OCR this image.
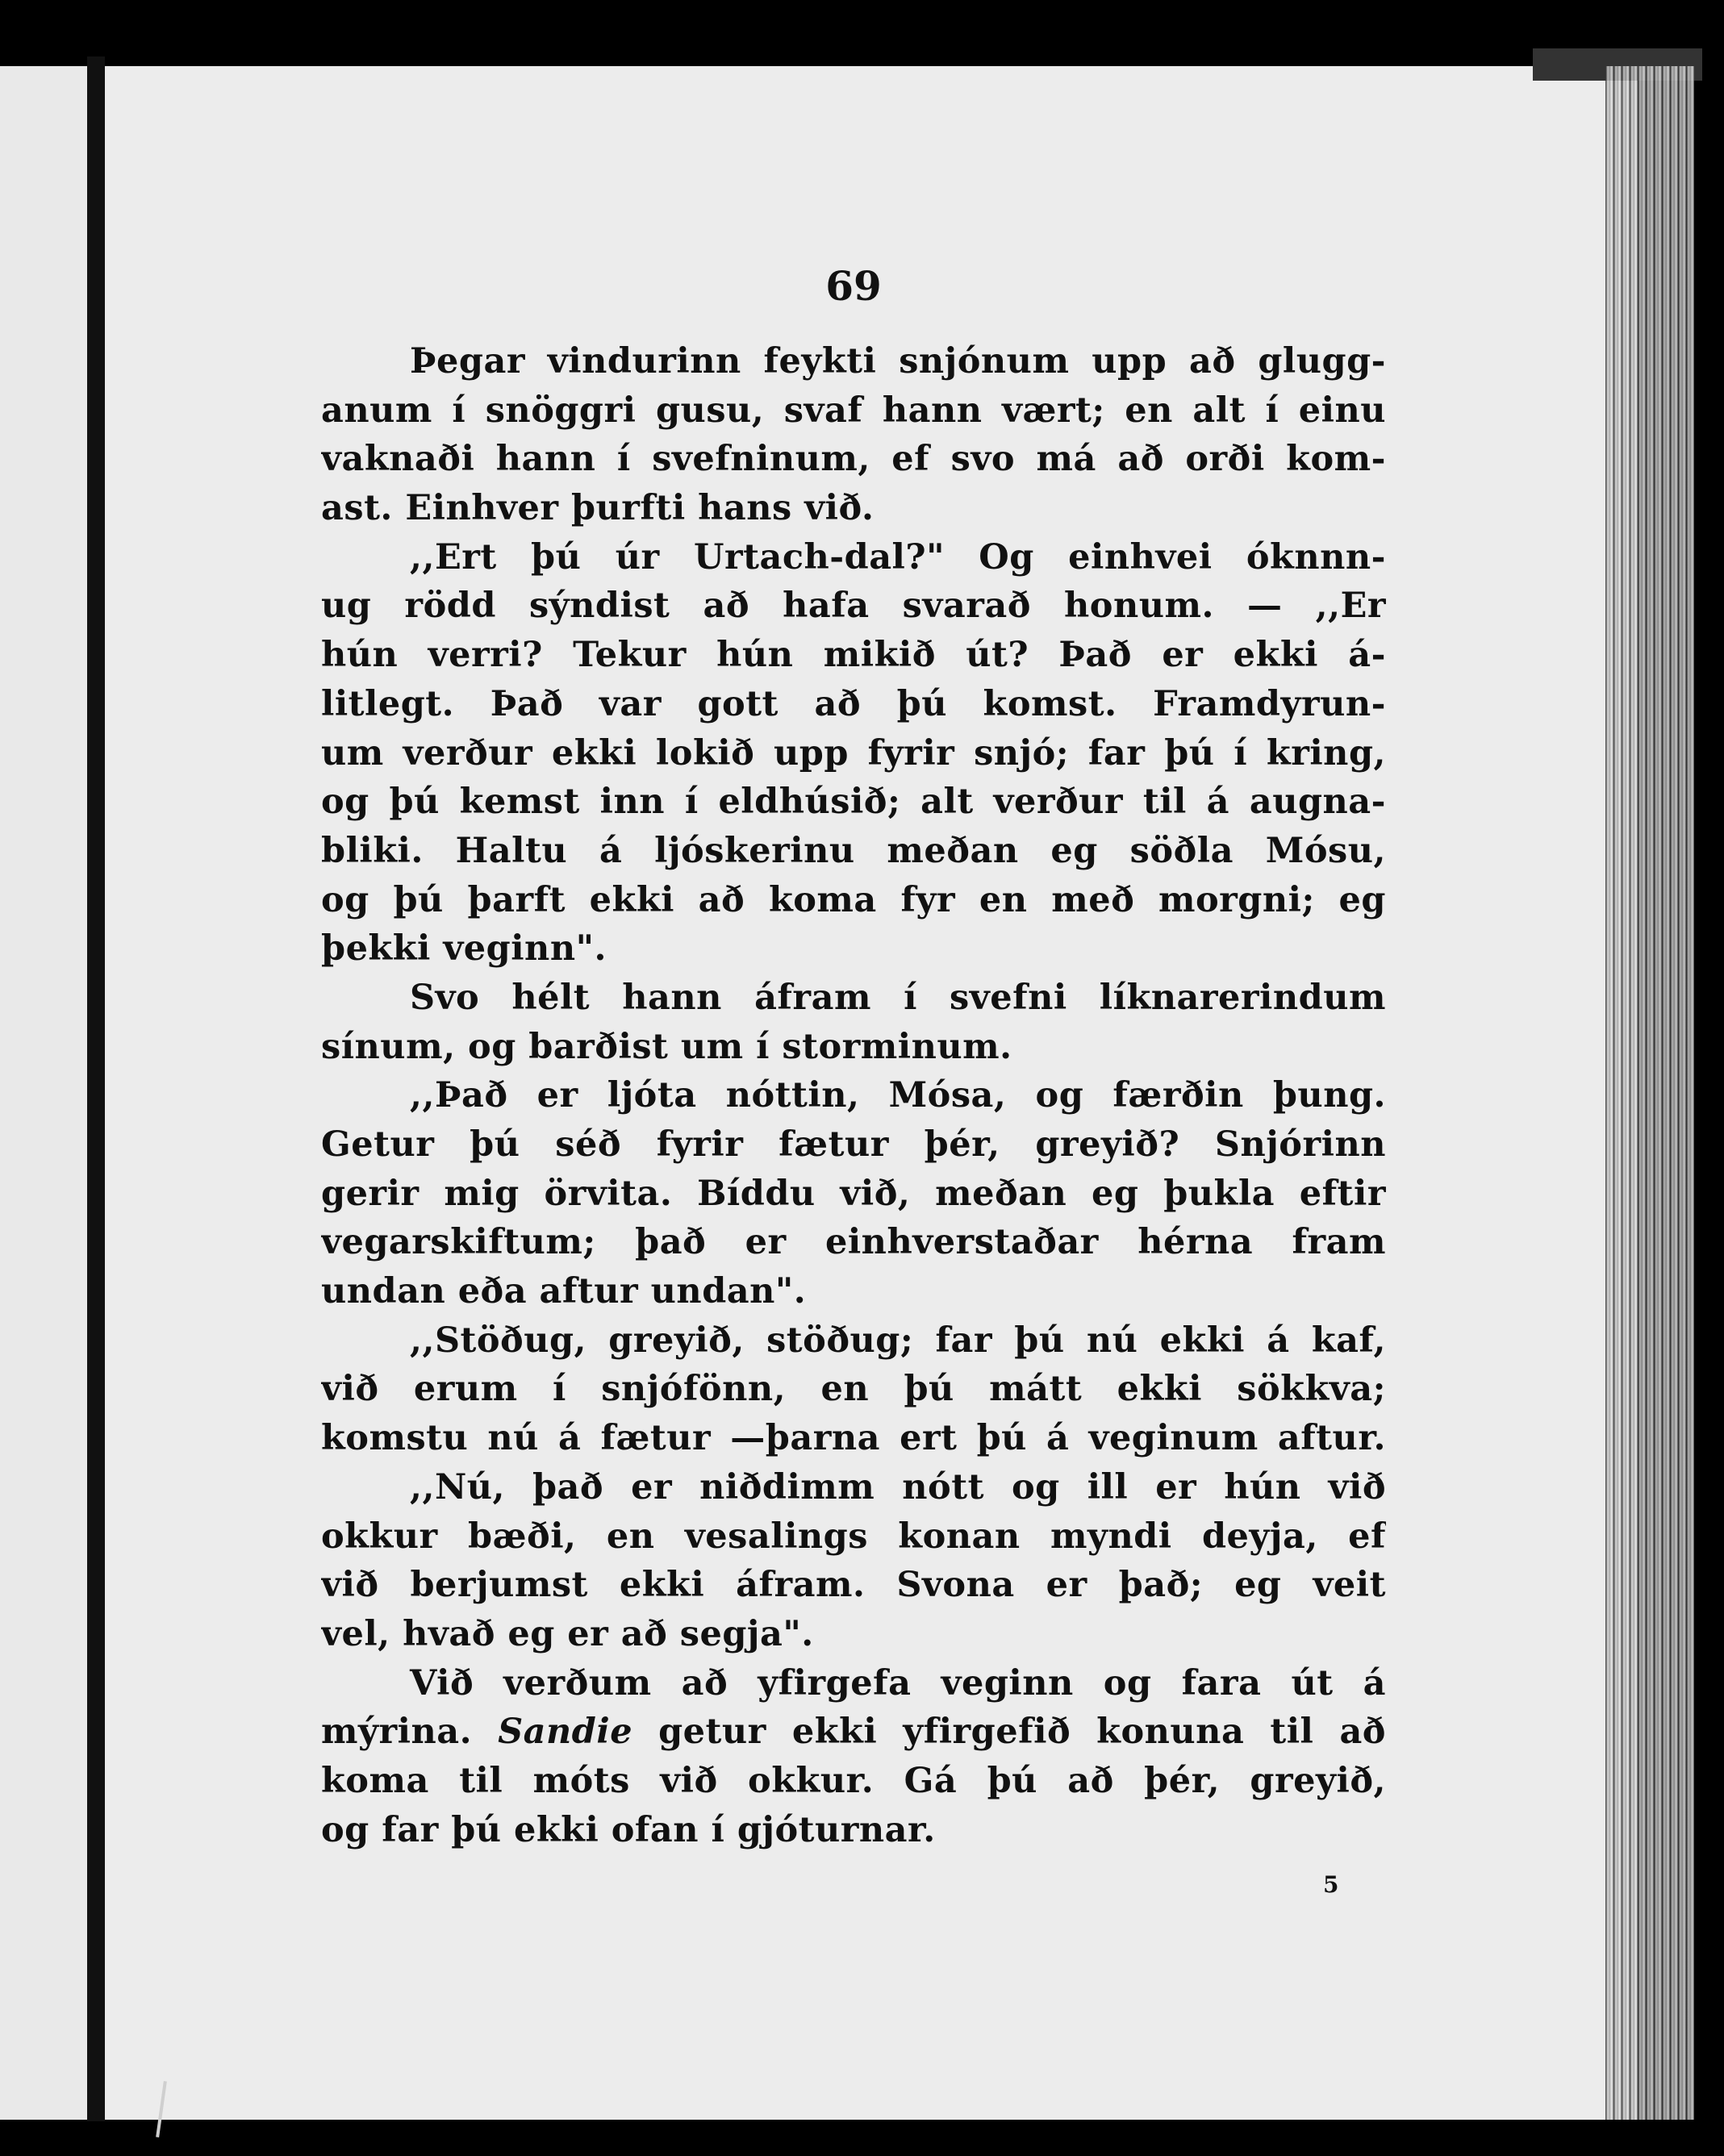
69
Þegar vindurinn feykti snjónum upp að glugg-
anum í snöggri gusu, svaf hann vært; en alt í einu
vaknaði hann í svefninum, ef svo má að orði kom-
ast. Einhver þurfti hans við.
,,Ert þú úr Urtach-dal?" Og einhvei óknnn-
ug rödd sýndist að hafa svarað honum. — ,,Er
hún verri? Tekur hún mikið út? Það er ekki á-
litlegt. Það var gott að þú komst. Framdyrun-
um verður ekki lokið upp fyrir snjó; far þú í kring,
og þú kemst inn í eldhúsið; alt verður til á augna-
bliki. Haltu á ljóskerinu meðan eg söðla Mósu,
og þú þarft ekki að koma fyr en með morgni; eg
þekki veginn".
Svo hélt hann áfram í svefni líknarerindum
sínum, og barðist um í storminum.
,,Það er ljóta nóttin, Mósa, og færðin þung.
Getur þú séð fyrir fætur þér, greyið? Snjórinn
gerir mig örvita. Bíddu við, meðan eg þukla eftir
vegarskiftum; það er einhverstaðar hérna fram
undan eða aftur undan".
,,Stöðug, greyið, stöðug; far þú nú ekki á kaf,
við erum í snjófönn, en þú mátt ekki sökkva;
komstu nú á fætur —þarna ert þú á veginum aftur.
,,Nú, það er niðdimm nótt og ill er hún við
okkur bæði, en vesalings konan myndi deyja, ef
við berjumst ekki áfram. Svona er það; eg veit
vel, hvað eg er að segja".
Við verðum að yfirgefa veginn og fara út á
mýrina. Sandie getur ekki yfirgefið konuna til að
koma til móts við okkur. Gá þú að þér, greyið,
og far þú ekki ofan í gjóturnar.
5
